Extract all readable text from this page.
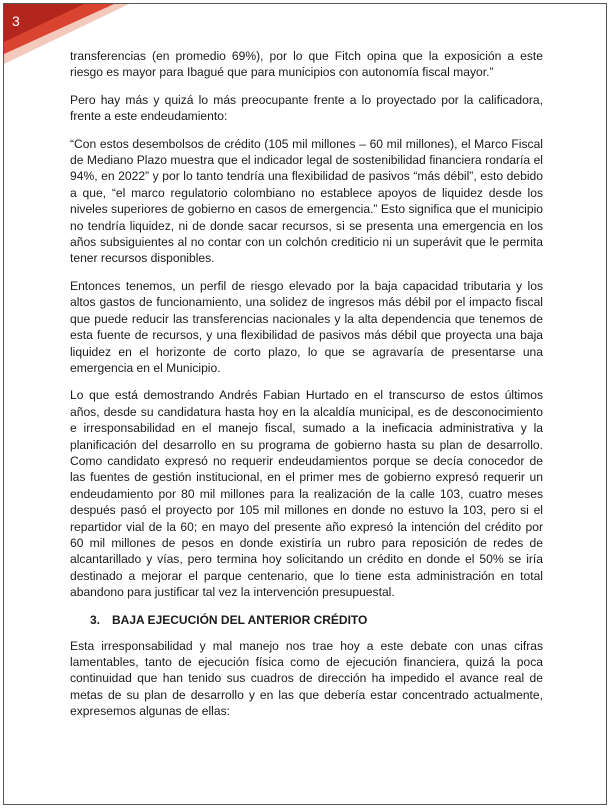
3

transferencias (en promedio 69%), por lo que Fitch opina que la exposición a este riesgo es mayor para Ibagué que para municipios con autonomía fiscal mayor.”

Pero hay más y quizá lo más preocupante frente a lo proyectado por la calificadora, frente a este endeudamiento:

“Con estos desembolsos de crédito (105 mil millones – 60 mil millones), el Marco Fiscal de Mediano Plazo muestra que el indicador legal de sostenibilidad financiera rondaría el 94%, en 2022” y por lo tanto tendría una flexibilidad de pasivos “más débil”, esto debido a que, “el marco regulatorio colombiano no establece apoyos de liquidez desde los niveles superiores de gobierno en casos de emergencia.” Esto significa que el municipio no tendría liquidez, ni de donde sacar recursos, si se presenta una emergencia en los años subsiguientes al no contar con un colchón crediticio ni un superávit que le permita tener recursos disponibles.

Entonces tenemos, un perfil de riesgo elevado por la baja capacidad tributaria y los altos gastos de funcionamiento, una solidez de ingresos más débil por el impacto fiscal que puede reducir las transferencias nacionales y la alta dependencia que tenemos de esta fuente de recursos, y una flexibilidad de pasivos más débil que proyecta una baja liquidez en el horizonte de corto plazo, lo que se agravaría de presentarse una emergencia en el Municipio.

Lo que está demostrando Andrés Fabian Hurtado en el transcurso de estos últimos años, desde su candidatura hasta hoy en la alcaldía municipal, es de desconocimiento e irresponsabilidad en el manejo fiscal, sumado a la ineficacia administrativa y la planificación del desarrollo en su programa de gobierno hasta su plan de desarrollo. Como candidato expresó no requerir endeudamientos porque se decía conocedor de las fuentes de gestión institucional, en el primer mes de gobierno expresó requerir un endeudamiento por 80 mil millones para la realización de la calle 103, cuatro meses después pasó el proyecto por 105 mil millones en donde no estuvo la 103, pero si el repartidor vial de la 60; en mayo del presente año expresó la intención del crédito por 60 mil millones de pesos en donde existiría un rubro para reposición de redes de alcantarillado y vías, pero termina hoy solicitando un crédito en donde el 50% se iría destinado a mejorar el parque centenario, que lo tiene esta administración en total abandono para justificar tal vez la intervención presupuestal.

3. BAJA EJECUCIÓN DEL ANTERIOR CRÉDITO

Esta irresponsabilidad y mal manejo nos trae hoy a este debate con unas cifras lamentables, tanto de ejecución física como de ejecución financiera, quizá la poca continuidad que han tenido sus cuadros de dirección ha impedido el avance real de metas de su plan de desarrollo y en las que debería estar concentrado actualmente, expresemos algunas de ellas:
